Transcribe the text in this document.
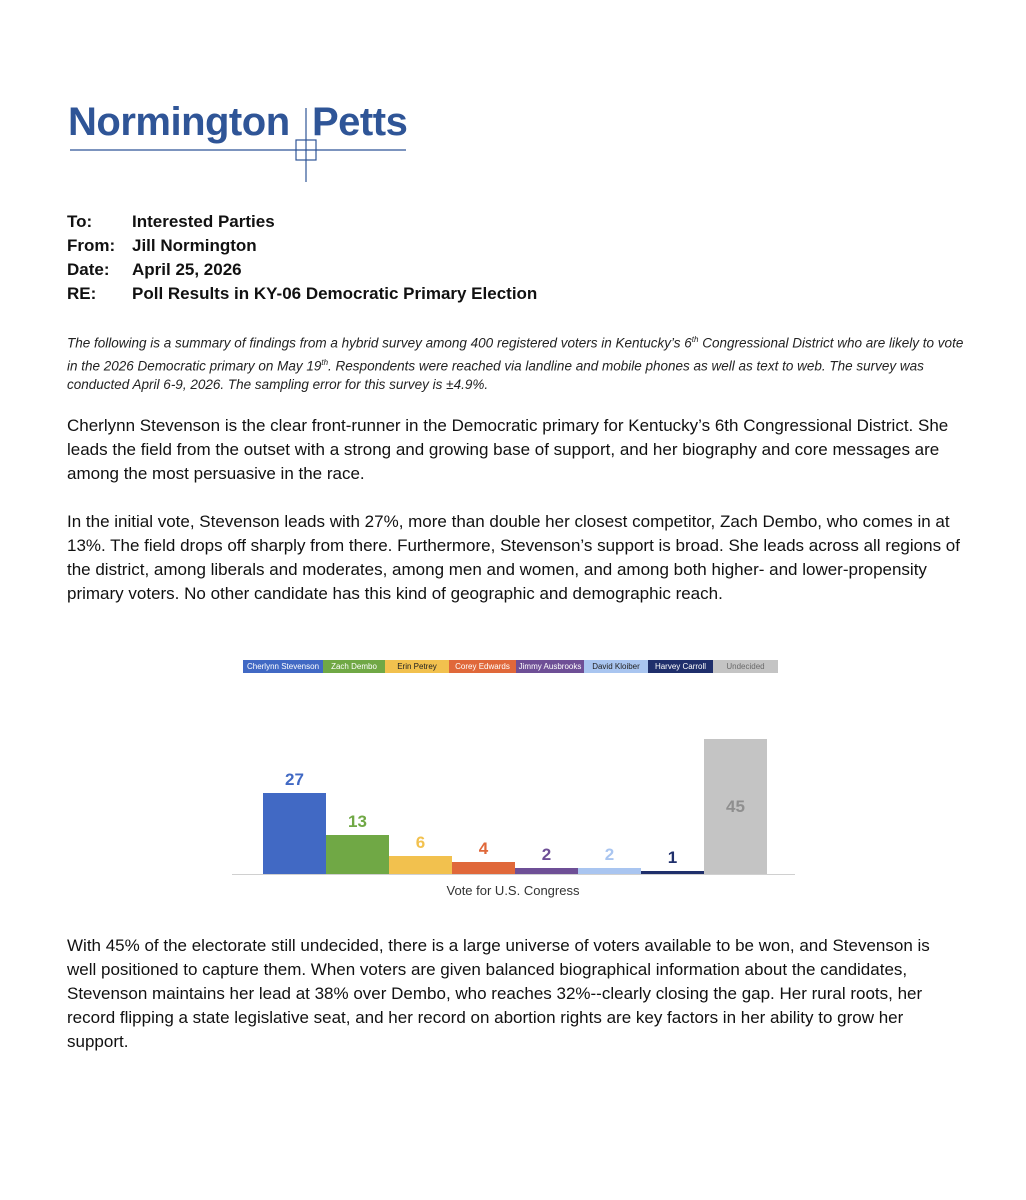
Normington Petts
To:	Interested Parties
From: Jill Normington
Date:	April 25, 2026
RE:	Poll Results in KY-06 Democratic Primary Election
The following is a summary of findings from a hybrid survey among 400 registered voters in Kentucky’s 6th Congressional District who are likely to vote in the 2026 Democratic primary on May 19th. Respondents were reached via landline and mobile phones as well as text to web. The survey was conducted April 6-9, 2026. The sampling error for this survey is ±4.9%.
Cherlynn Stevenson is the clear front-runner in the Democratic primary for Kentucky’s 6th Congressional District. She leads the field from the outset with a strong and growing base of support, and her biography and core messages are among the most persuasive in the race.
In the initial vote, Stevenson leads with 27%, more than double her closest competitor, Zach Dembo, who comes in at 13%. The field drops off sharply from there. Furthermore, Stevenson’s support is broad. She leads across all regions of the district, among liberals and moderates, among men and women, and among both higher- and lower-propensity primary voters. No other candidate has this kind of geographic and demographic reach.
Cherlynn Stevenson	Zach Dembo	Erin Petrey	Corey Edwards	Jimmy Ausbrooks	David Kloiber	Harvey Carroll	Undecided
27
13
6	4	2	2	1
45
Vote for U.S. Congress
With 45% of the electorate still undecided, there is a large universe of voters available to be won, and Stevenson is well positioned to capture them. When voters are given balanced biographical information about the candidates, Stevenson maintains her lead at 38% over Dembo, who reaches 32%--clearly closing the gap. Her rural roots, her record flipping a state legislative seat, and her record on abortion rights are key factors in her ability to grow her support.
